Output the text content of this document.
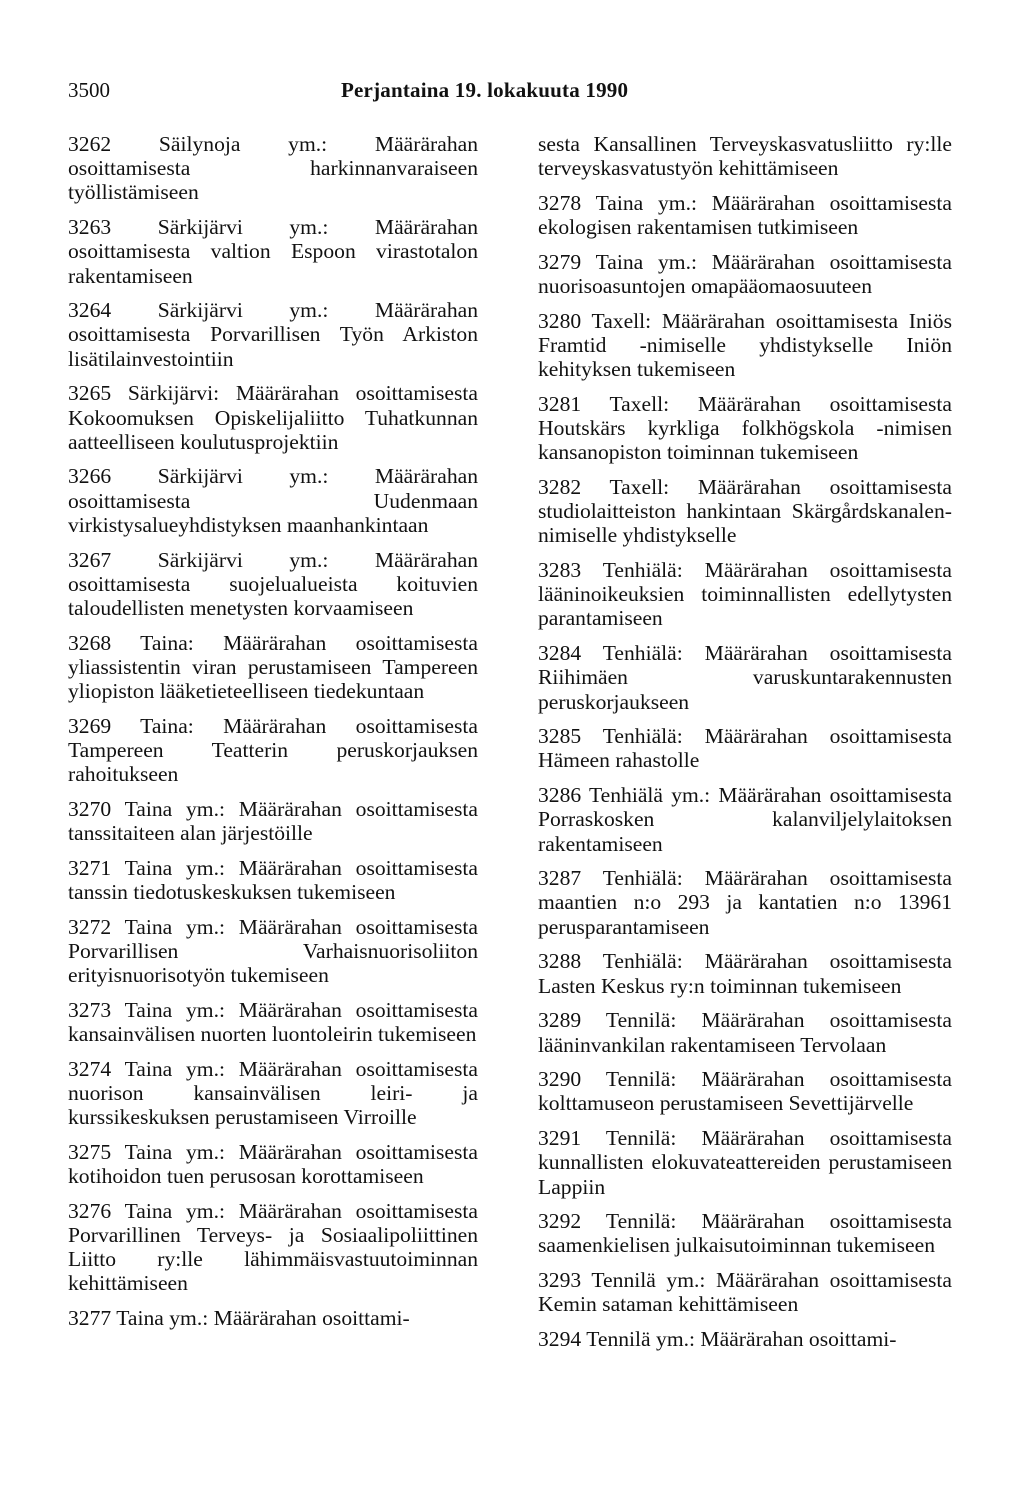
3500	Perjantaina 19. lokakuuta 1990

3262 Säilynoja ym.: Määrärahan osoittamisesta harkinnanvaraiseen työllistämiseen

3263 Särkijärvi ym.: Määrärahan osoittamisesta valtion Espoon virastotalon rakentamiseen

3264 Särkijärvi ym.: Määrärahan osoittamisesta Porvarillisen Työn Arkiston lisätilainvestointiin

3265 Särkijärvi: Määrärahan osoittamisesta Kokoomuksen Opiskelijaliitto Tuhatkunnan aatteelliseen koulutusprojektiin

3266 Särkijärvi ym.: Määrärahan osoittamisesta Uudenmaan virkistysalueyhdistyksen maanhankintaan

3267 Särkijärvi ym.: Määrärahan osoittamisesta suojelualueista koituvien taloudellisten menetysten korvaamiseen

3268 Taina: Määrärahan osoittamisesta yliassistentin viran perustamiseen Tampereen yliopiston lääketieteelliseen tiedekuntaan

3269 Taina: Määrärahan osoittamisesta Tampereen Teatterin peruskorjauksen rahoitukseen

3270 Taina ym.: Määrärahan osoittamisesta tanssitaiteen alan järjestöille

3271 Taina ym.: Määrärahan osoittamisesta tanssin tiedotuskeskuksen tukemiseen

3272 Taina ym.: Määrärahan osoittamisesta Porvarillisen Varhaisnuorisoliiton erityisnuorisotyön tukemiseen

3273 Taina ym.: Määrärahan osoittamisesta kansainvälisen nuorten luontoleirin tukemiseen

3274 Taina ym.: Määrärahan osoittamisesta nuorison kansainvälisen leiri- ja kurssikeskuksen perustamiseen Virroille

3275 Taina ym.: Määrärahan osoittamisesta kotihoidon tuen perusosan korottamiseen

3276 Taina ym.: Määrärahan osoittamisesta Porvarillinen Terveys- ja Sosiaalipoliittinen Liitto ry:lle lähimmäisvastuutoiminnan kehittämiseen

3277 Taina ym.: Määrärahan osoittami-

sesta Kansallinen Terveyskasvatusliitto ry:lle terveyskasvatustyön kehittämiseen

3278 Taina ym.: Määrärahan osoittamisesta ekologisen rakentamisen tutkimiseen

3279 Taina ym.: Määrärahan osoittamisesta nuorisoasuntojen omapääomaosuuteen

3280 Taxell: Määrärahan osoittamisesta Iniös Framtid -nimiselle yhdistykselle Iniön kehityksen tukemiseen

3281 Taxell: Määrärahan osoittamisesta Houtskärs kyrkliga folkhögskola -nimisen kansanopiston toiminnan tukemiseen

3282 Taxell: Määrärahan osoittamisesta studiolaitteiston hankintaan Skärgårdskanalen-nimiselle yhdistykselle

3283 Tenhiälä: Määrärahan osoittamisesta lääninoikeuksien toiminnallisten edellytysten parantamiseen

3284 Tenhiälä: Määrärahan osoittamisesta Riihimäen varuskuntarakennusten peruskorjaukseen

3285 Tenhiälä: Määrärahan osoittamisesta Hämeen rahastolle

3286 Tenhiälä ym.: Määrärahan osoittamisesta Porraskosken kalanviljelylaitoksen rakentamiseen

3287 Tenhiälä: Määrärahan osoittamisesta maantien n:o 293 ja kantatien n:o 13961 perusparantamiseen

3288 Tenhiälä: Määrärahan osoittamisesta Lasten Keskus ry:n toiminnan tukemiseen

3289 Tennilä: Määrärahan osoittamisesta lääninvankilan rakentamiseen Tervolaan

3290 Tennilä: Määrärahan osoittamisesta kolttamuseon perustamiseen Sevettijärvelle

3291 Tennilä: Määrärahan osoittamisesta kunnallisten elokuvateattereiden perustamiseen Lappiin

3292 Tennilä: Määrärahan osoittamisesta saamenkielisen julkaisutoiminnan tukemiseen

3293 Tennilä ym.: Määrärahan osoittamisesta Kemin sataman kehittämiseen

3294 Tennilä ym.: Määrärahan osoittami-
